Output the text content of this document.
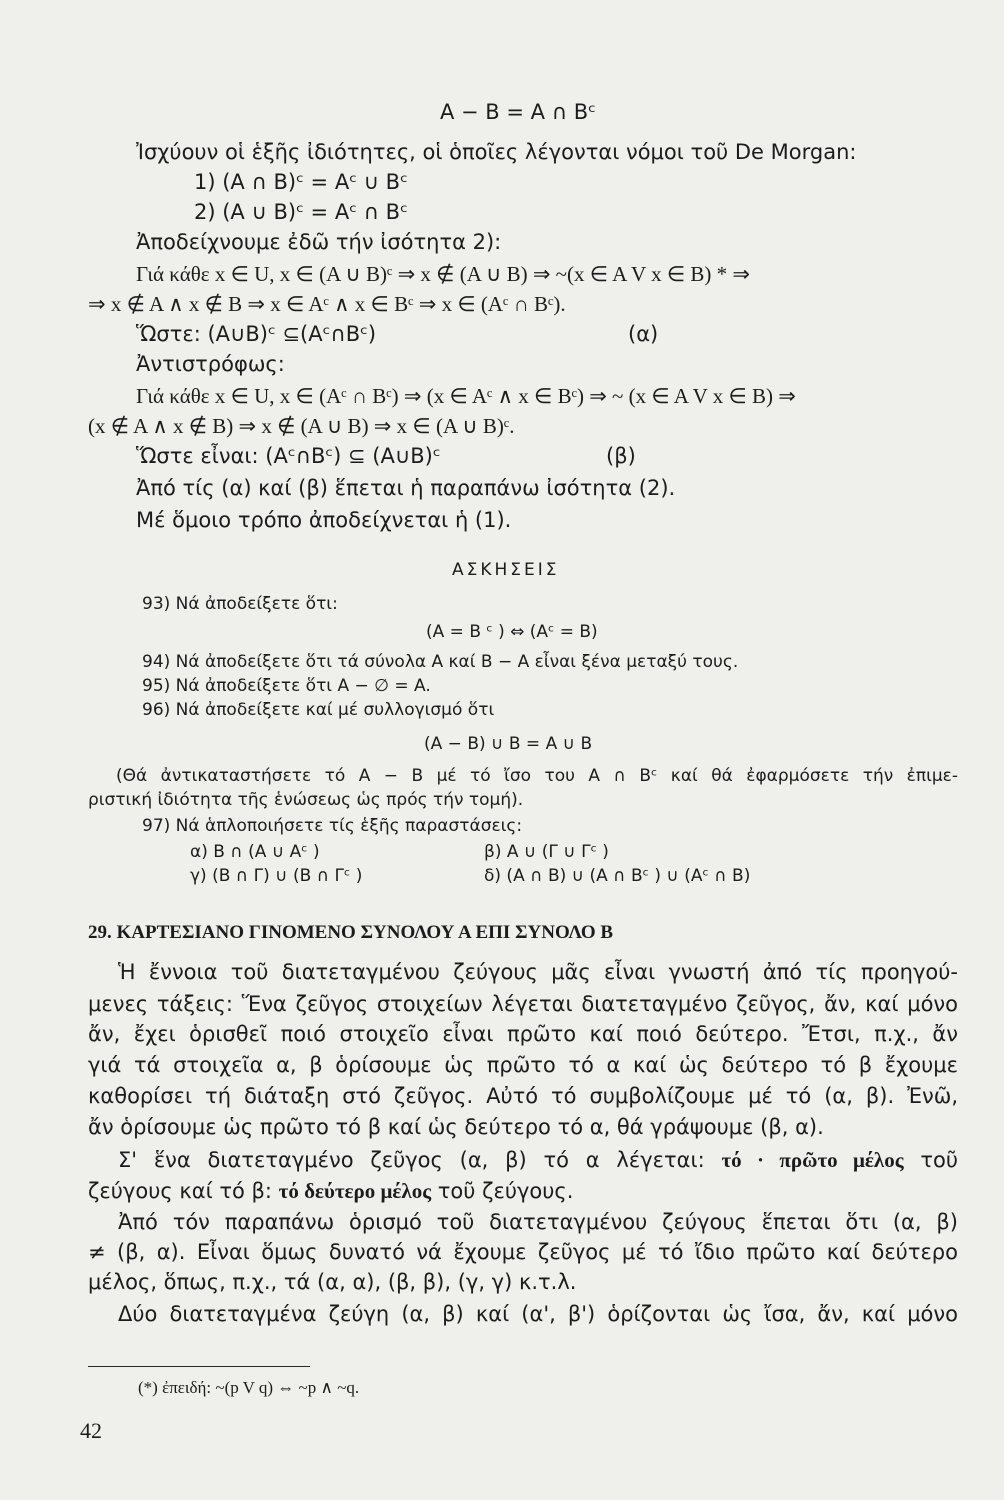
A − B = A ∩ Bᶜ
Ἰσχύουν οἱ ἑξῆς ἰδιότητες, οἱ ὁποῖες λέγονται νόμοι τοῦ De Morgan:
1) (A ∩ B)ᶜ = Aᶜ ∪ Bᶜ
2) (A ∪ B)ᶜ = Aᶜ ∩ Bᶜ
Ἀποδείχνουμε ἐδῶ τήν ἰσότητα 2):
Γιά κάθε x ∈ U, x ∈ (A ∪ B)ᶜ ⇒ x ∉ (A ∪ B) ⇒ ~(x ∈ A V x ∈ B) * ⇒
⇒ x ∉ A ∧ x ∉ B ⇒ x ∈ Aᶜ ∧ x ∈ Bᶜ ⇒ x ∈ (Aᶜ ∩ Bᶜ).
Ὥστε: (A∪B)ᶜ ⊆(Aᶜ∩Bᶜ)	(α)
Ἀντιστρόφως:
Γιά κάθε x ∈ U, x ∈ (Aᶜ ∩ Bᶜ) ⇒ (x ∈ Aᶜ ∧ x ∈ Bᶜ) ⇒ ~ (x ∈ A V x ∈ B) ⇒
(x ∉ A ∧ x ∉ B) ⇒ x ∉ (A ∪ B) ⇒ x ∈ (A ∪ B)ᶜ.
Ὥστε εἶναι: (Aᶜ∩Bᶜ) ⊆ (A∪B)ᶜ	(β)
Ἀπό τίς (α) καί (β) ἕπεται ἡ παραπάνω ἰσότητα (2).
Μέ ὅμοιο τρόπο ἀποδείχνεται ἡ (1).
ΑΣΚΗΣΕΙΣ
93) Νά ἀποδείξετε ὅτι:
(A = B ᶜ ) ⇔ (Aᶜ = B)
94) Νά ἀποδείξετε ὅτι τά σύνολα A καί B − A εἶναι ξένα μεταξύ τους.
95) Νά ἀποδείξετε ὅτι A − ∅ = A.
96) Νά ἀποδείξετε καί μέ συλλογισμό ὅτι
(A − B) ∪ B = A ∪ B
(Θά ἀντικαταστήσετε τό A − B μέ τό ἴσο του A ∩ Bᶜ καί θά ἐφαρμόσετε τήν ἐπιμε-
ριστική ἰδιότητα τῆς ἑνώσεως ὡς πρός τήν τομή).
97) Νά ἁπλοποιήσετε τίς ἑξῆς παραστάσεις:
α) B ∩ (A ∪ Aᶜ )	β) A ∪ (Γ ∪ Γᶜ )
γ) (B ∩ Γ) ∪ (B ∩ Γᶜ )	δ) (A ∩ B) ∪ (A ∩ Bᶜ ) ∪ (Aᶜ ∩ B)
29. ΚΑΡΤΕΣΙΑΝΟ ΓΙΝΟΜΕΝΟ ΣΥΝΟΛΟΥ Α ΕΠΙ ΣΥΝΟΛΟ Β
Ἡ ἔννοια τοῦ διατεταγμένου ζεύγους μᾶς εἶναι γνωστή ἀπό τίς προηγού-
μενες τάξεις: Ἕνα ζεῦγος στοιχείων λέγεται διατεταγμένο ζεῦγος, ἄν, καί μόνο
ἄν, ἔχει ὁρισθεῖ ποιό στοιχεῖο εἶναι πρῶτο καί ποιό δεύτερο. Ἔτσι, π.χ., ἄν
γιά τά στοιχεῖα α, β ὁρίσουμε ὡς πρῶτο τό α καί ὡς δεύτερο τό β ἔχουμε
καθορίσει τή διάταξη στό ζεῦγος. Αὐτό τό συμβολίζουμε μέ τό (α, β). Ἐνῶ,
ἄν ὁρίσουμε ὡς πρῶτο τό β καί ὡς δεύτερο τό α, θά γράψουμε (β, α).
Σ' ἕνα διατεταγμένο ζεῦγος (α, β) τό α λέγεται: τό · πρῶτο μέλος τοῦ
ζεύγους καί τό β: τό δεύτερο μέλος τοῦ ζεύγους.
Ἀπό τόν παραπάνω ὁρισμό τοῦ διατεταγμένου ζεύγους ἕπεται ὅτι (α, β)
≠ (β, α). Εἶναι ὅμως δυνατό νά ἔχουμε ζεῦγος μέ τό ἴδιο πρῶτο καί δεύτερο
μέλος, ὅπως, π.χ., τά (α, α), (β, β), (γ, γ) κ.τ.λ.
Δύο διατεταγμένα ζεύγη (α, β) καί (α', β') ὁρίζονται ὡς ἴσα, ἄν, καί μόνο
(*) ἐπειδή: ~(p V q) ⇔ ~p ∧ ~q.
42
